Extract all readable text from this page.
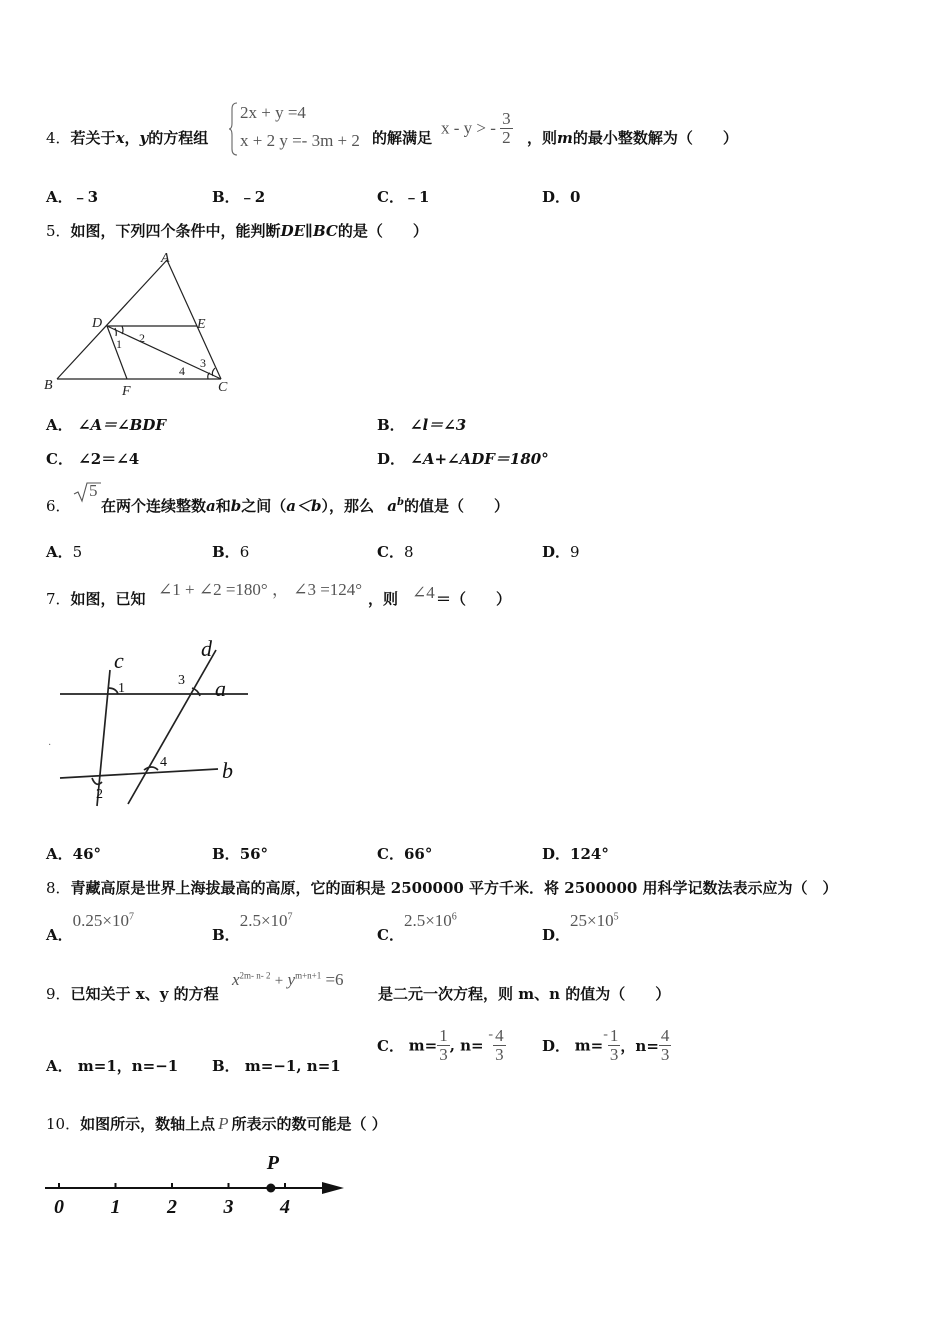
4．若关于x，y的方程组
2x + y =4
x + 2 y =- 3m + 2 的解满足
x - y > - $\frac{3}{2}$ ，则m的最小整数解为（　　）
A．﹣3	B．﹣2	C．﹣1	D．0
5．如图，下列四个条件中，能判断DE∥BC的是（　　）
A
B	C
D	E
F
1 2
3
4
A． ∠A＝∠BDF	B． ∠l＝∠3
C． ∠2＝∠4	D． ∠A+∠ADF＝180°
6．
5
在两个连续整数a和b之间（a＜b），那么 $a^b$的值是（　　）
A．5	B．6	C．8	D．9
7．如图，已知 ∠1 + ∠2 =180° ， ∠3 =124° ，则 ∠4 ＝（　　）
·
c	d
a
b
1
2
3
4
A．46°	B．56°	C．66°	D．124°
8．青藏高原是世界上海拔最高的高原，它的面积是 2500000 平方千米．将 2500000 用科学记数法表示应为（　）
A．$0.25\times 10^7$
B．$2.5\times 10^7$
C．$2.5\times 10^6$
D．$25\times 10^5$
9．已知关于 x、y 的方程
$x^{2m- n- 2} + y^{m+n+1} =6$
是二元一次方程，则 m、n 的值为（　　）
A． m=1，n=−1 B． m=−1, n=1
C． $m= \frac{1}{3}$ , $n= - \frac{4}{3}$ D． $m=- \frac{1}{3}$ ，$n= \frac{4}{3}$
10．如图所示，数轴上点 P 所表示的数可能是（ ）
0 1 2 3 4
P
